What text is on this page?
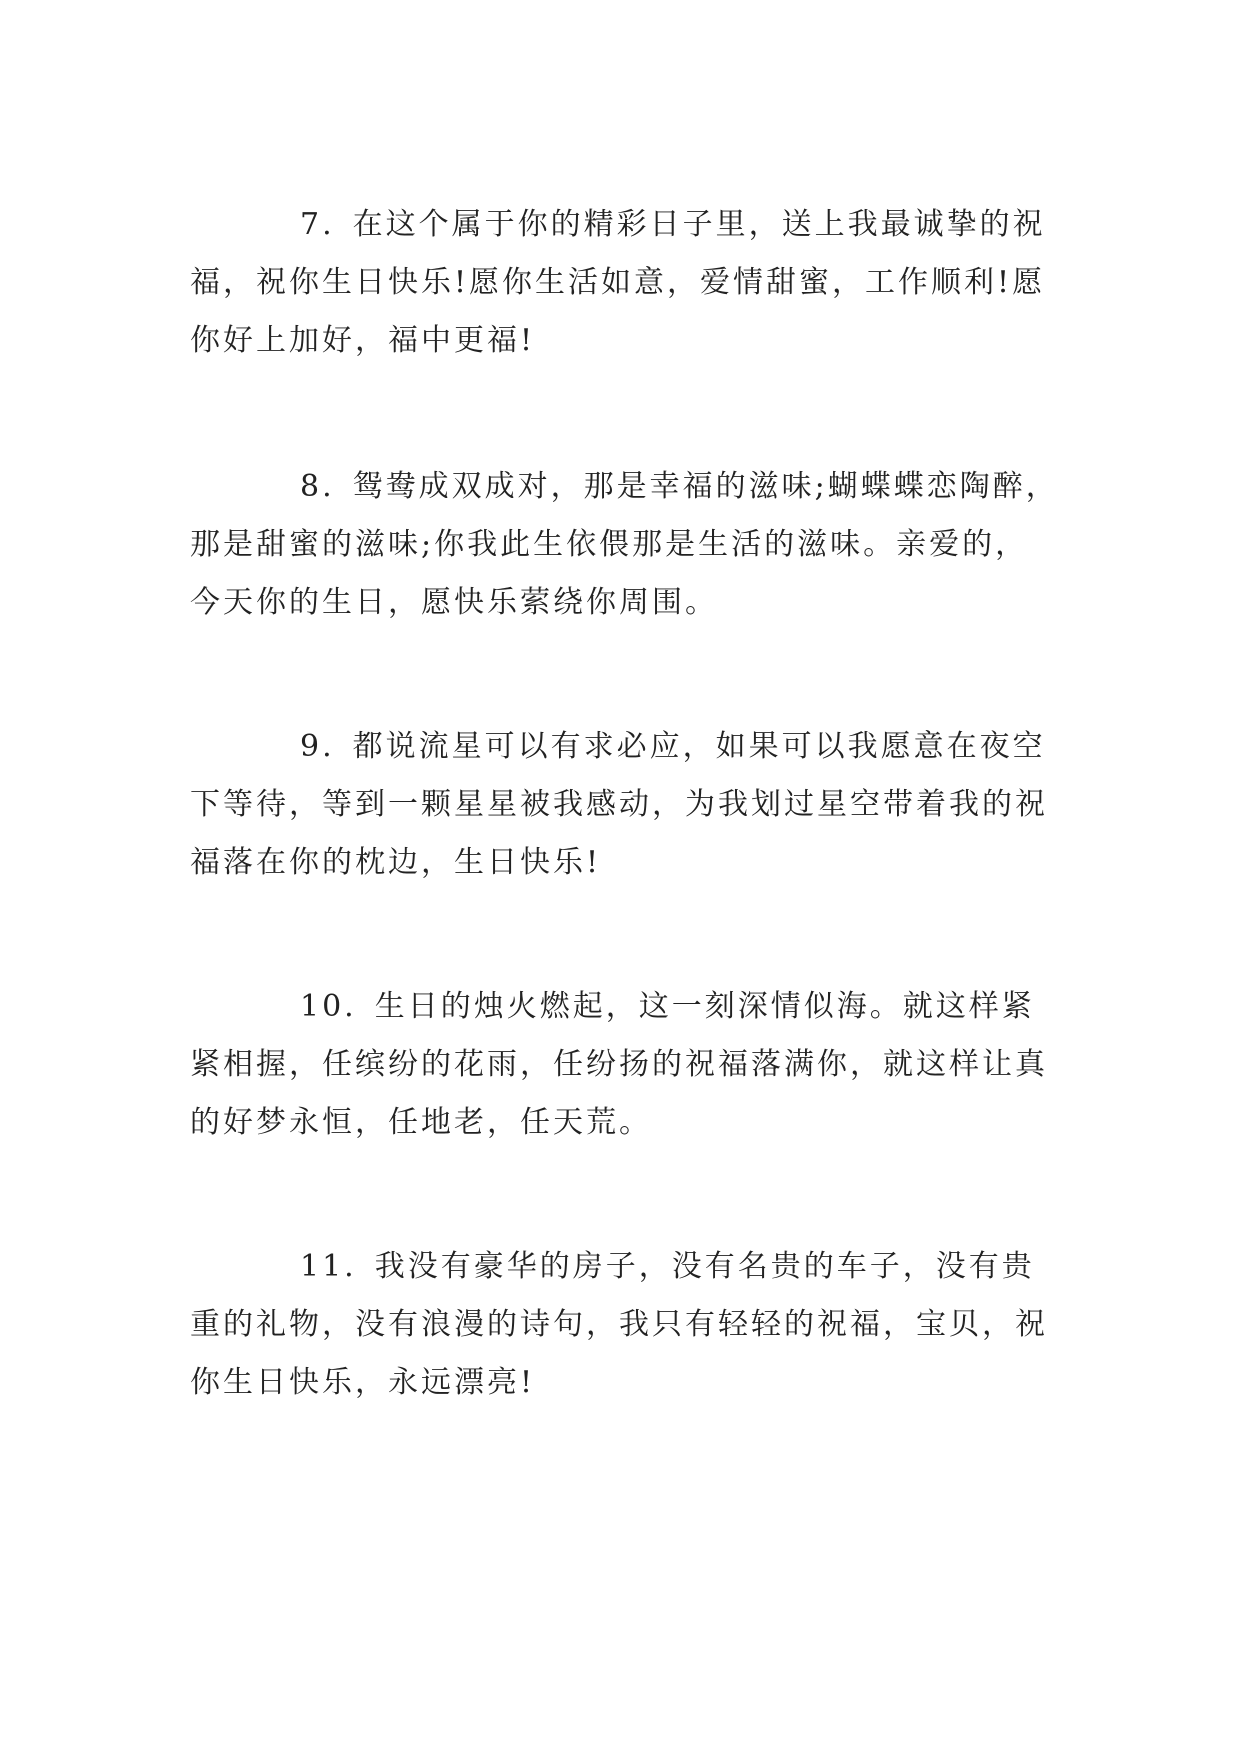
7. 在这个属于你的精彩日子里，送上我最诚挚的祝福，祝你生日快乐!愿你生活如意，爱情甜蜜，工作顺利!愿你好上加好，福中更福!

8. 鸳鸯成双成对，那是幸福的滋味;蝴蝶蝶恋陶醉，那是甜蜜的滋味;你我此生依偎那是生活的滋味。亲爱的，今天你的生日，愿快乐萦绕你周围。

9. 都说流星可以有求必应，如果可以我愿意在夜空下等待，等到一颗星星被我感动，为我划过星空带着我的祝福落在你的枕边，生日快乐!

10. 生日的烛火燃起，这一刻深情似海。就这样紧紧相握，任缤纷的花雨，任纷扬的祝福落满你，就这样让真的好梦永恒，任地老，任天荒。

11. 我没有豪华的房子，没有名贵的车子，没有贵重的礼物，没有浪漫的诗句，我只有轻轻的祝福，宝贝，祝你生日快乐，永远漂亮!
